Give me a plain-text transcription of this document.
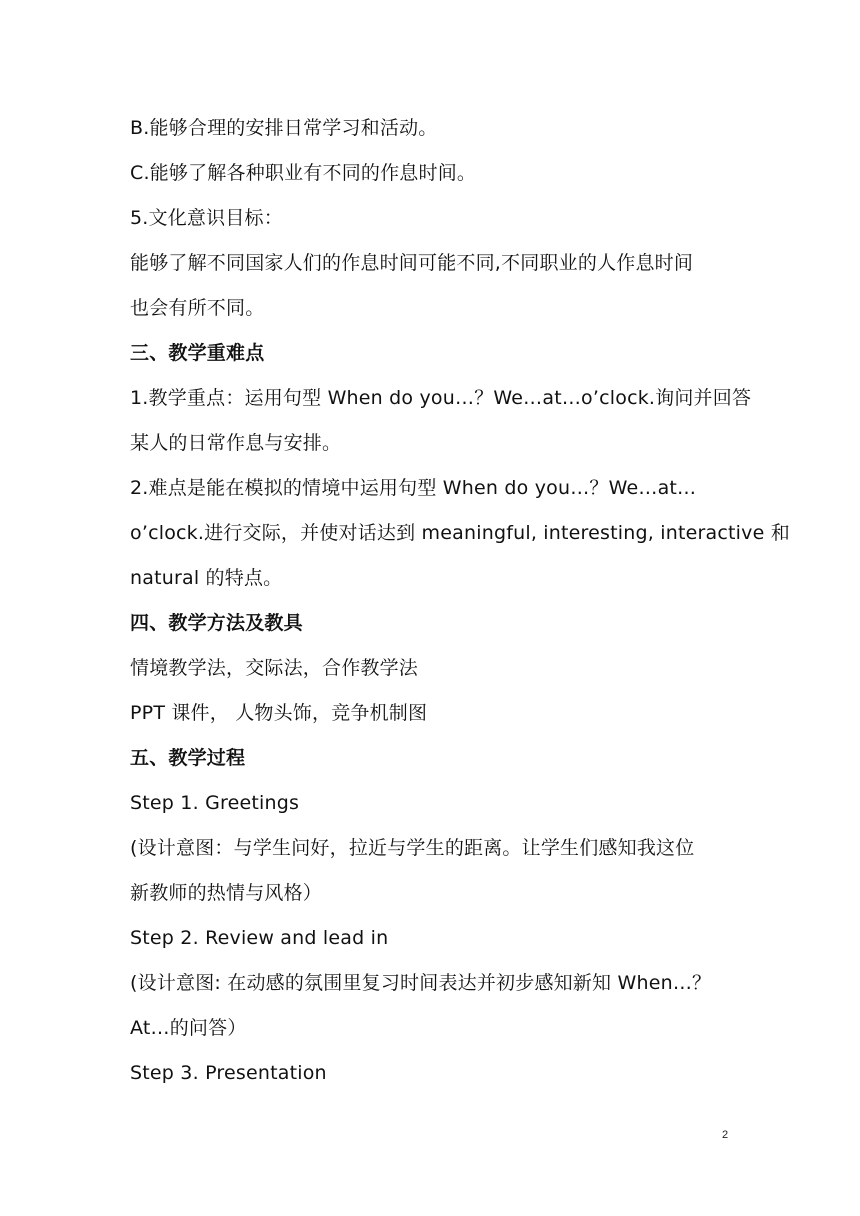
B.能够合理的安排日常学习和活动。
C.能够了解各种职业有不同的作息时间。
5.文化意识目标：
能够了解不同国家人们的作息时间可能不同,不同职业的人作息时间
也会有所不同。
三、教学重难点
1.教学重点：运用句型 When do you…？We…at…o’clock.询问并回答
某人的日常作息与安排。
2.难点是能在模拟的情境中运用句型 When do you…？We…at…
o’clock.进行交际，并使对话达到 meaningful, interesting, interactive 和
natural 的特点。
四、教学方法及教具
情境教学法，交际法，合作教学法
PPT 课件， 人物头饰，竞争机制图
五、教学过程
Step 1. Greetings
(设计意图：与学生问好，拉近与学生的距离。让学生们感知我这位
新教师的热情与风格）
Step 2. Review and lead in
(设计意图: 在动感的氛围里复习时间表达并初步感知新知 When…？
At…的问答）
Step 3. Presentation
2
